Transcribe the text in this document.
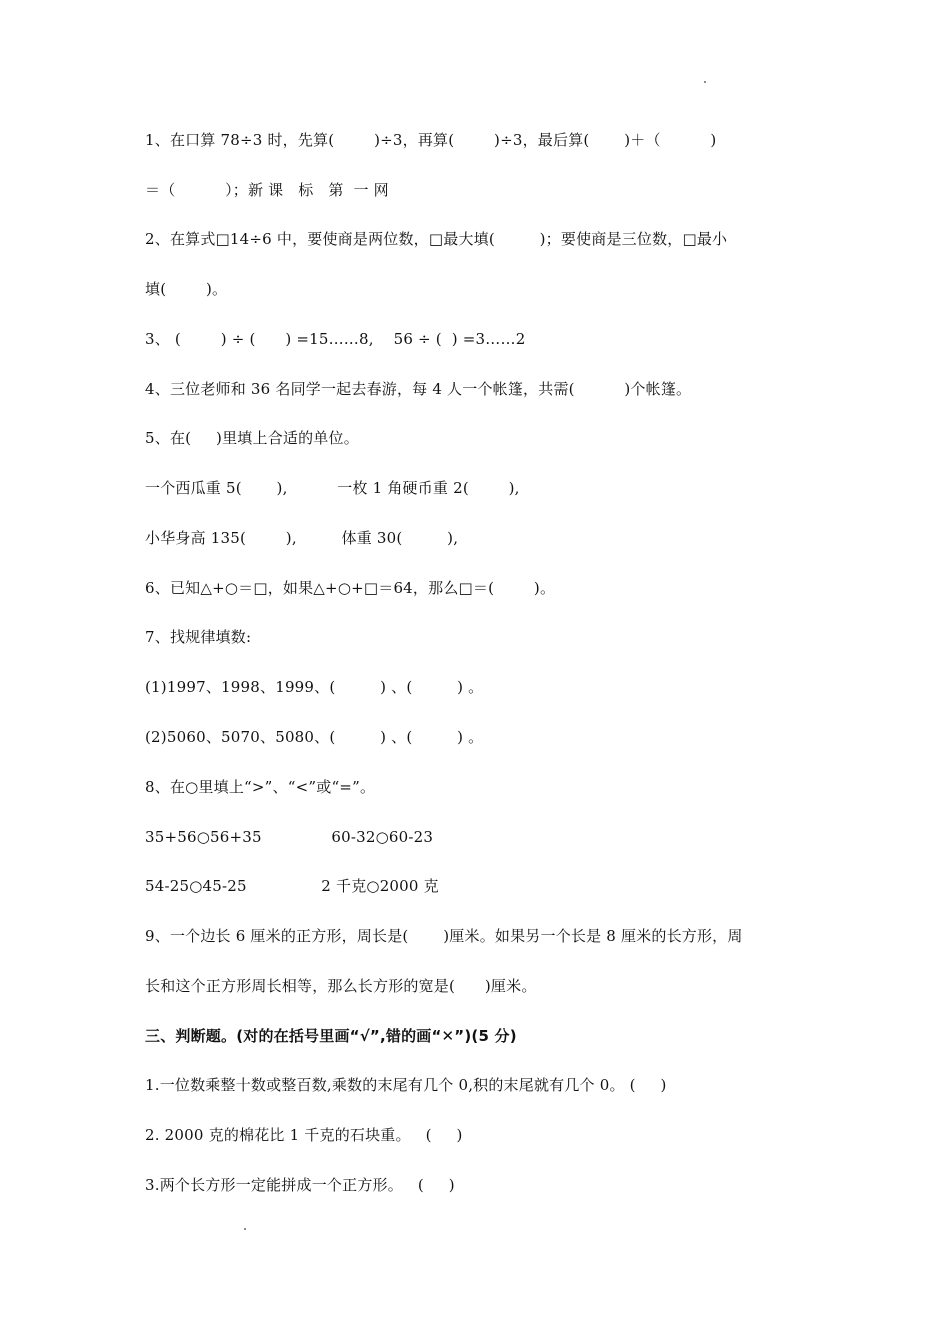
1、在口算 78÷3 时，先算(        )÷3，再算(        )÷3，最后算(       )＋（          )
＝（          ）；新 课   标   第  一 网
2、在算式□14÷6 中，要使商是两位数，□最大填(         )；要使商是三位数，□最小
填(        )。
3、 (        ) ÷ (      ) =15……8,    56 ÷ (  ) =3……2
4、三位老师和 36 名同学一起去春游，每 4 人一个帐篷，共需(          )个帐篷。
5、在(     )里填上合适的单位。
一个西瓜重 5(       ),          一枚 1 角硬币重 2(        ),
小华身高 135(        ),         体重 30(         ),
6、已知△+○＝□，如果△+○+□＝64，那么□＝(        )。
7、找规律填数:
(1)1997、1998、1999、(         ) 、(         ) 。
(2)5060、5070、5080、(         ) 、(         ) 。
8、在○里填上“>”、“<”或“=”。
35+56○56+35              60-32○60-23
54-25○45-25               2 千克○2000 克
9、一个边长 6 厘米的正方形，周长是(       )厘米。如果另一个长是 8 厘米的长方形，周
长和这个正方形周长相等，那么长方形的宽是(      )厘米。
三、判断题。(对的在括号里画“√”,错的画“✕”)(5 分)
1.一位数乘整十数或整百数,乘数的末尾有几个 0,积的末尾就有几个 0。 (     )
2. 2000 克的棉花比 1 千克的石块重。   (     )
3.两个长方形一定能拼成一个正方形。   (     )
